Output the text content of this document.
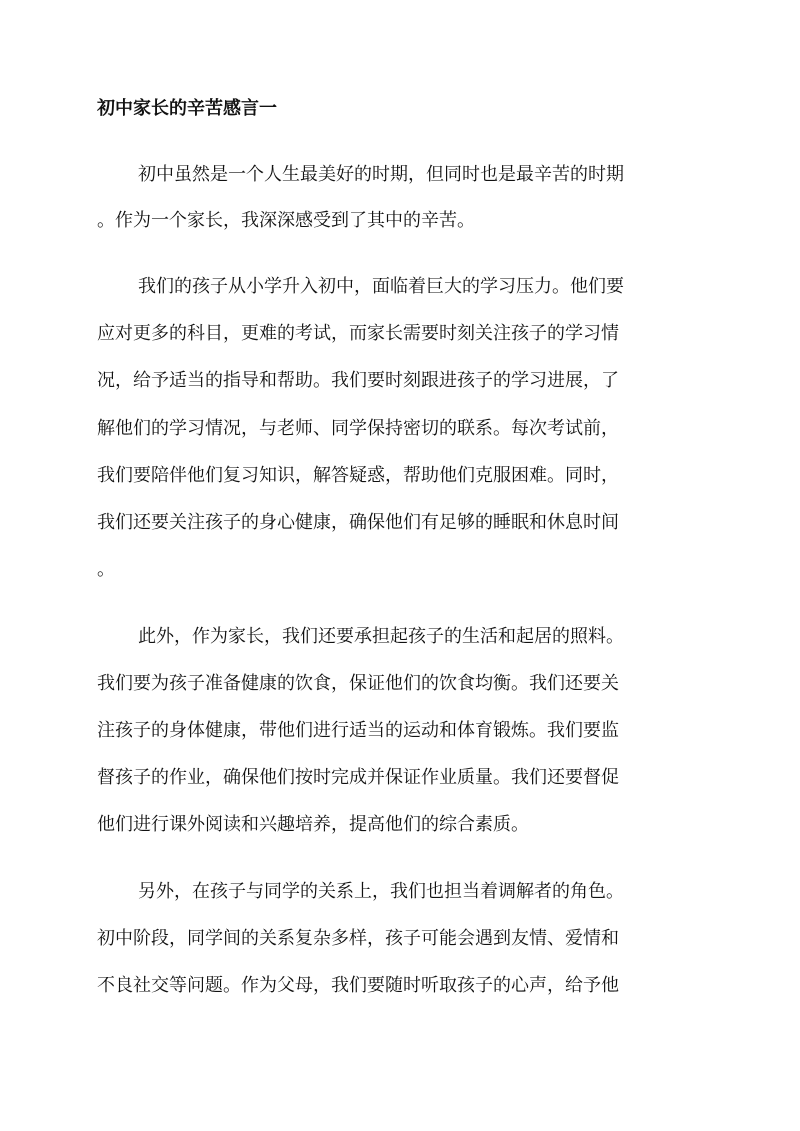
初中家长的辛苦感言一
初中虽然是一个人生最美好的时期，但同时也是最辛苦的时期
。作为一个家长，我深深感受到了其中的辛苦。
我们的孩子从小学升入初中，面临着巨大的学习压力。他们要
应对更多的科目，更难的考试，而家长需要时刻关注孩子的学习情
况，给予适当的指导和帮助。我们要时刻跟进孩子的学习进展，了
解他们的学习情况，与老师、同学保持密切的联系。每次考试前，
我们要陪伴他们复习知识，解答疑惑，帮助他们克服困难。同时，
我们还要关注孩子的身心健康，确保他们有足够的睡眠和休息时间
。
此外，作为家长，我们还要承担起孩子的生活和起居的照料。
我们要为孩子准备健康的饮食，保证他们的饮食均衡。我们还要关
注孩子的身体健康，带他们进行适当的运动和体育锻炼。我们要监
督孩子的作业，确保他们按时完成并保证作业质量。我们还要督促
他们进行课外阅读和兴趣培养，提高他们的综合素质。
另外，在孩子与同学的关系上，我们也担当着调解者的角色。
初中阶段，同学间的关系复杂多样，孩子可能会遇到友情、爱情和
不良社交等问题。作为父母，我们要随时听取孩子的心声，给予他
